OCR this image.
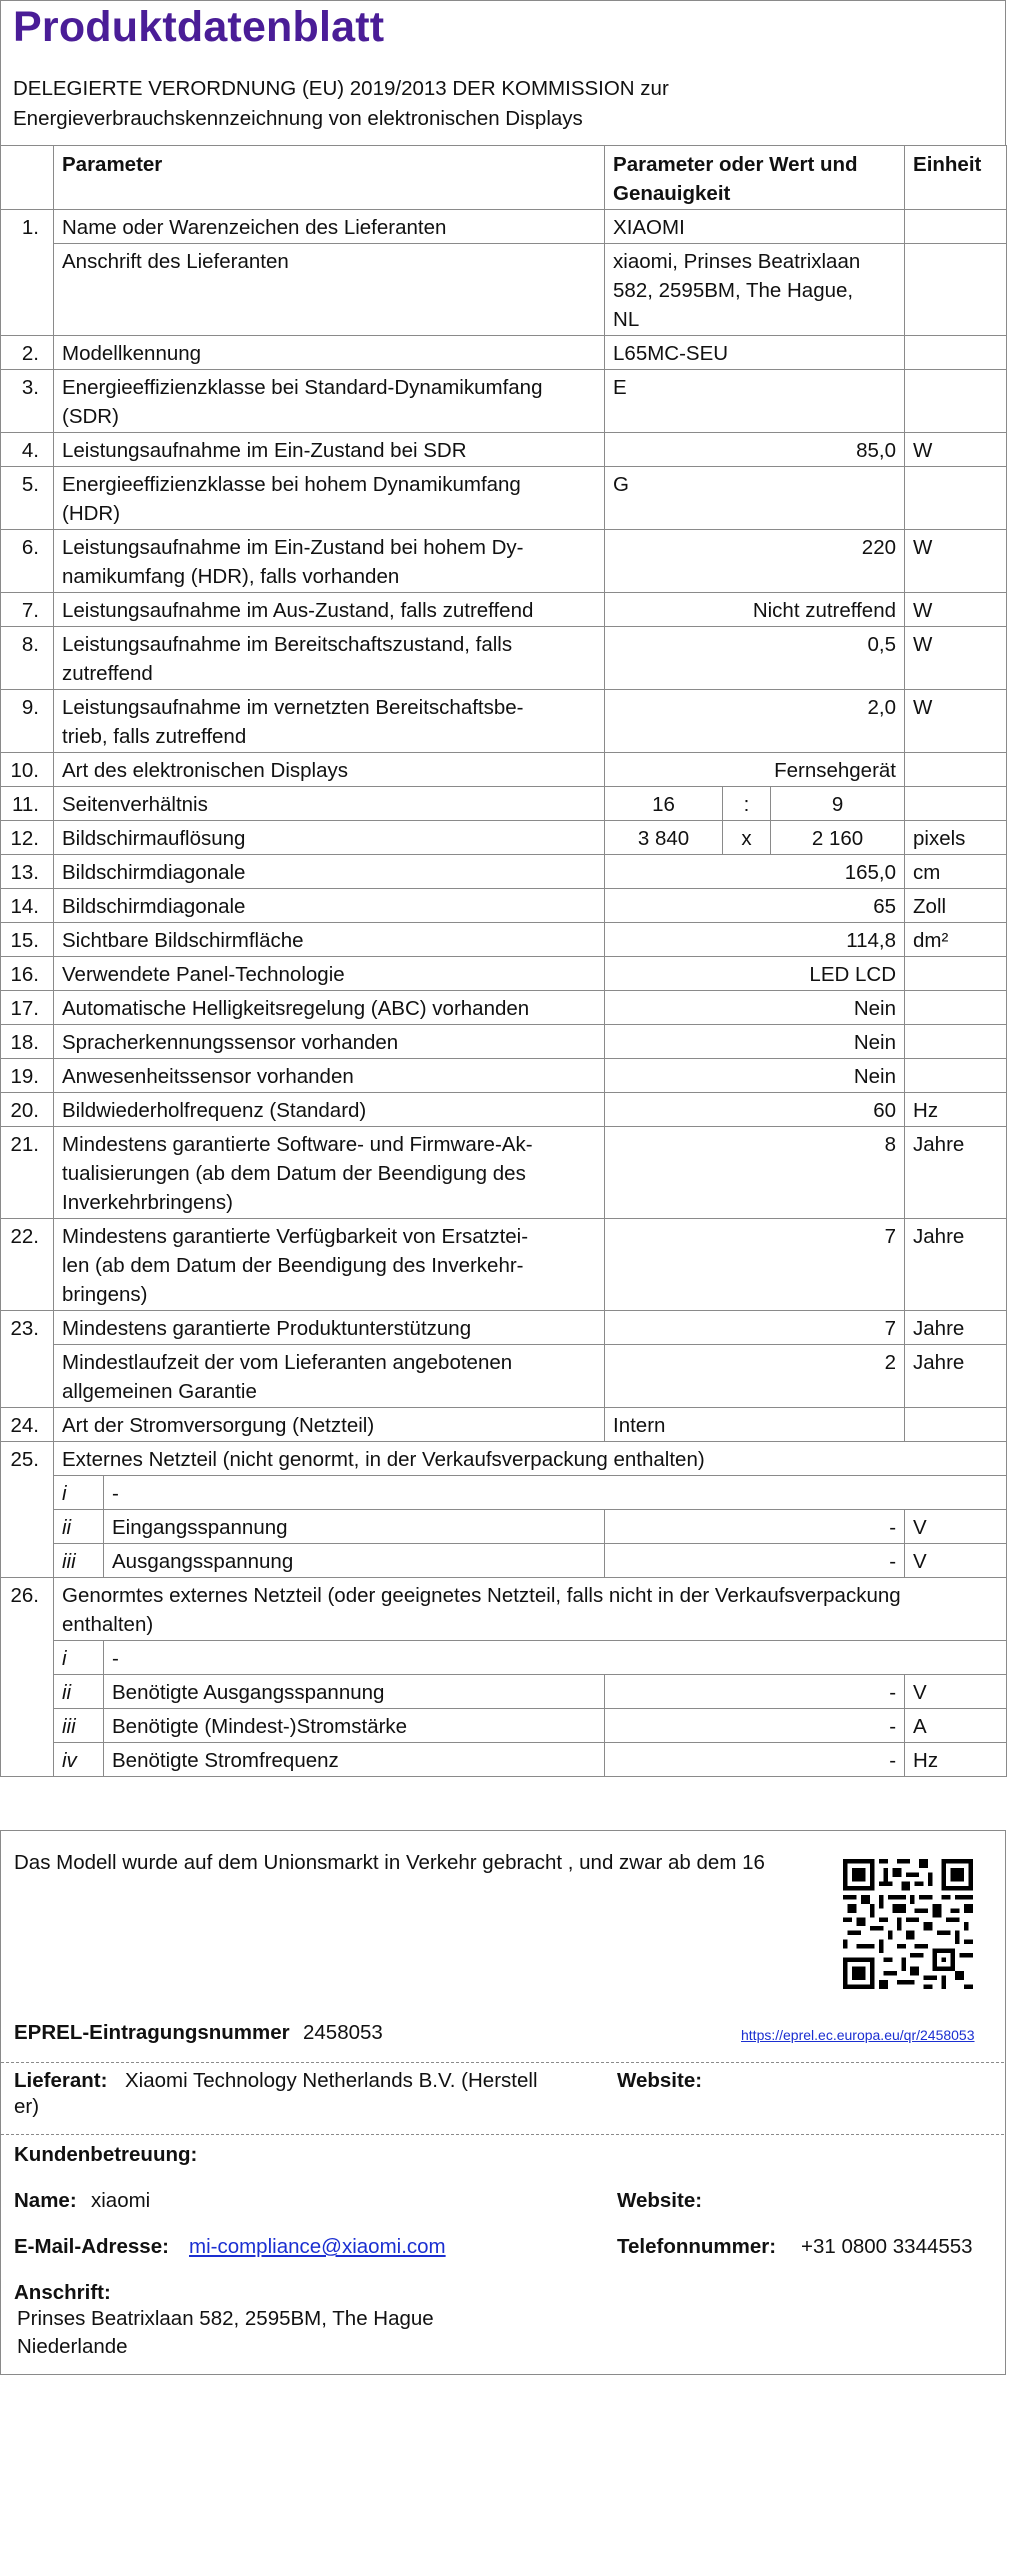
Produktdatenblatt
DELEGIERTE VERORDNUNG (EU) 2019/2013 DER KOMMISSION zur
Energieverbrauchskennzeichnung von elektronischen Displays
	Parameter		Parameter oder Wert und
Genauigkeit			Einheit
1.	Name oder Warenzeichen des Lieferanten		XIAOMI			
	Anschrift des Lieferanten		xiaomi, Prinses Beatrixlaan
582, 2595BM, The Hague,
NL			
2.	Modellkennung		L65MC-SEU			
3.	Energieeffizienzklasse bei Standard-Dynamikumfang
(SDR)		E			
4.	Leistungsaufnahme im Ein-Zustand bei SDR		85,0			W
5.	Energieeffizienzklasse bei hohem Dynamikumfang
(HDR)		G			
6.	Leistungsaufnahme im Ein-Zustand bei hohem Dy-
namikumfang (HDR), falls vorhanden		220			W
7.	Leistungsaufnahme im Aus-Zustand, falls zutreffend		Nicht zutreffend			W
8.	Leistungsaufnahme im Bereitschaftszustand, falls
zutreffend		0,5			W
9.	Leistungsaufnahme im vernetzten Bereitschaftsbe-
trieb, falls zutreffend		2,0			W
10.	Art des elektronischen Displays		Fernsehgerät			
11.	Seitenverhältnis		16	:	9	
12.	Bildschirmauflösung		3 840	x	2 160	pixels
13.	Bildschirmdiagonale		165,0			cm
14.	Bildschirmdiagonale		65			Zoll
15.	Sichtbare Bildschirmfläche		114,8			dm²
16.	Verwendete Panel-Technologie		LED LCD			
17.	Automatische Helligkeitsregelung (ABC) vorhanden		Nein			
18.	Spracherkennungssensor vorhanden		Nein			
19.	Anwesenheitssensor vorhanden		Nein			
20.	Bildwiederholfrequenz (Standard)		60			Hz
21.	Mindestens garantierte Software- und Firmware-Ak-
tualisierungen (ab dem Datum der Beendigung des
Inverkehrbringens)		8			Jahre
22.	Mindestens garantierte Verfügbarkeit von Ersatztei-
len (ab dem Datum der Beendigung des Inverkehr-
bringens)		7			Jahre
23.	Mindestens garantierte Produktunterstützung		7			Jahre
	Mindestlaufzeit der vom Lieferanten angebotenen
allgemeinen Garantie		2			Jahre
24.	Art der Stromversorgung (Netzteil)		Intern			
25.	Externes Netzteil (nicht genormt, in der Verkaufsverpackung enthalten)					
	i	-				
	ii	Eingangsspannung	-			V
	iii	Ausgangsspannung	-			V
26.	Genormtes externes Netzteil (oder geeignetes Netzteil, falls nicht in der Verkaufsverpackung
enthalten)					
	i	-				
	ii	Benötigte Ausgangsspannung	-			V
	iii	Benötigte (Mindest-)Stromstärke	-			A
	iv	Benötigte Stromfrequenz	-			Hz
Das Modell wurde auf dem Unionsmarkt in Verkehr gebracht , und zwar ab dem 16
EPREL-Eintragungsnummer 2458053	https://eprel.ec.europa.eu/qr/2458053
Lieferant: Xiaomi Technology Netherlands B.V. (Herstell
er)
Website:
Kundenbetreuung:
Name: xiaomi	Website:
E-Mail-Adresse: mi-compliance@xiaomi.com	Telefonnummer: +31 0800 3344553
Anschrift:
Prinses Beatrixlaan 582, 2595BM, The Hague
Niederlande
